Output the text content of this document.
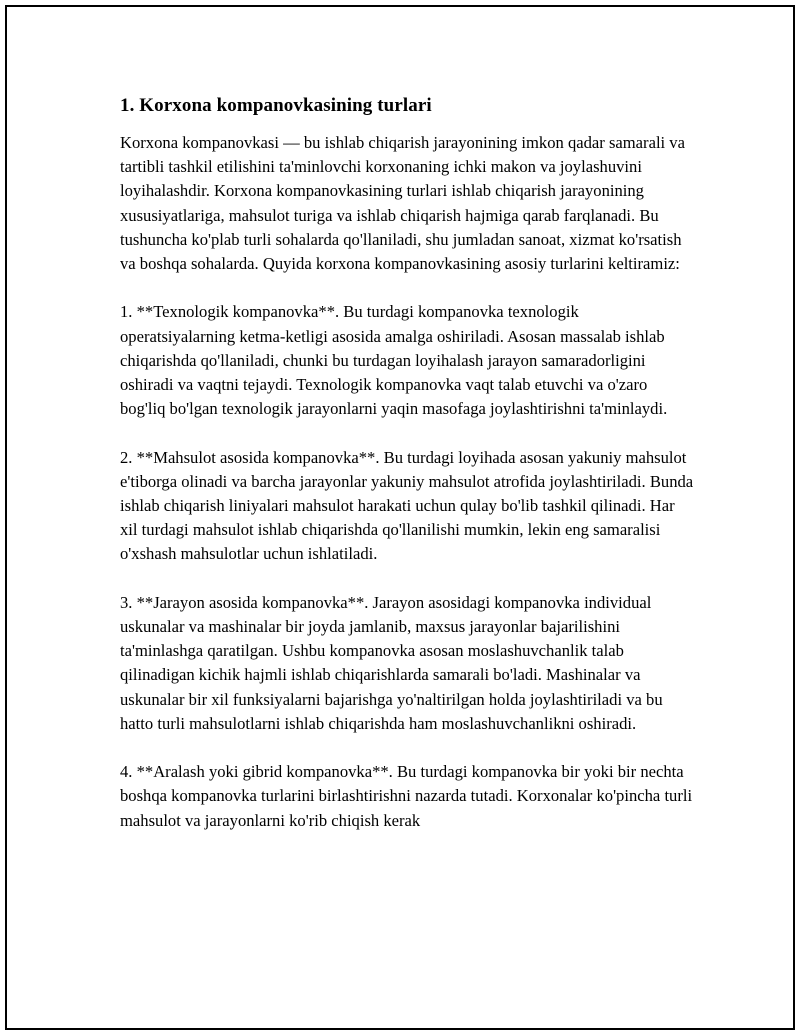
1. Korxona kompanovkasining turlari

Korxona kompanovkasi — bu ishlab chiqarish jarayonining imkon qadar samarali va tartibli tashkil etilishini ta'minlovchi korxonaning ichki makon va joylashuvini loyihalashdir. Korxona kompanovkasining turlari ishlab chiqarish jarayonining xususiyatlariga, mahsulot turiga va ishlab chiqarish hajmiga qarab farqlanadi. Bu tushuncha ko'plab turli sohalarda qo'llaniladi, shu jumladan sanoat, xizmat ko'rsatish va boshqa sohalarda. Quyida korxona kompanovkasining asosiy turlarini keltiramiz:

1. **Texnologik kompanovka**. Bu turdagi kompanovka texnologik operatsiyalarning ketma-ketligi asosida amalga oshiriladi. Asosan massalab ishlab chiqarishda qo'llaniladi, chunki bu turdagan loyihalash jarayon samaradorligini oshiradi va vaqtni tejaydi. Texnologik kompanovka vaqt talab etuvchi va o'zaro bog'liq bo'lgan texnologik jarayonlarni yaqin masofaga joylashtirishni ta'minlaydi.

2. **Mahsulot asosida kompanovka**. Bu turdagi loyihada asosan yakuniy mahsulot e'tiborga olinadi va barcha jarayonlar yakuniy mahsulot atrofida joylashtiriladi. Bunda ishlab chiqarish liniyalari mahsulot harakati uchun qulay bo'lib tashkil qilinadi. Har xil turdagi mahsulot ishlab chiqarishda qo'llanilishi mumkin, lekin eng samaralisi o'xshash mahsulotlar uchun ishlatiladi.

3. **Jarayon asosida kompanovka**. Jarayon asosidagi kompanovka individual uskunalar va mashinalar bir joyda jamlanib, maxsus jarayonlar bajarilishini ta'minlashga qaratilgan. Ushbu kompanovka asosan moslashuvchanlik talab qilinadigan kichik hajmli ishlab chiqarishlarda samarali bo'ladi. Mashinalar va uskunalar bir xil funksiyalarni bajarishga yo'naltirilgan holda joylashtiriladi va bu hatto turli mahsulotlarni ishlab chiqarishda ham moslashuvchanlikni oshiradi.

4. **Aralash yoki gibrid kompanovka**. Bu turdagi kompanovka bir yoki bir nechta boshqa kompanovka turlarini birlashtirishni nazarda tutadi. Korxonalar ko'pincha turli mahsulot va jarayonlarni ko'rib chiqish kerak
